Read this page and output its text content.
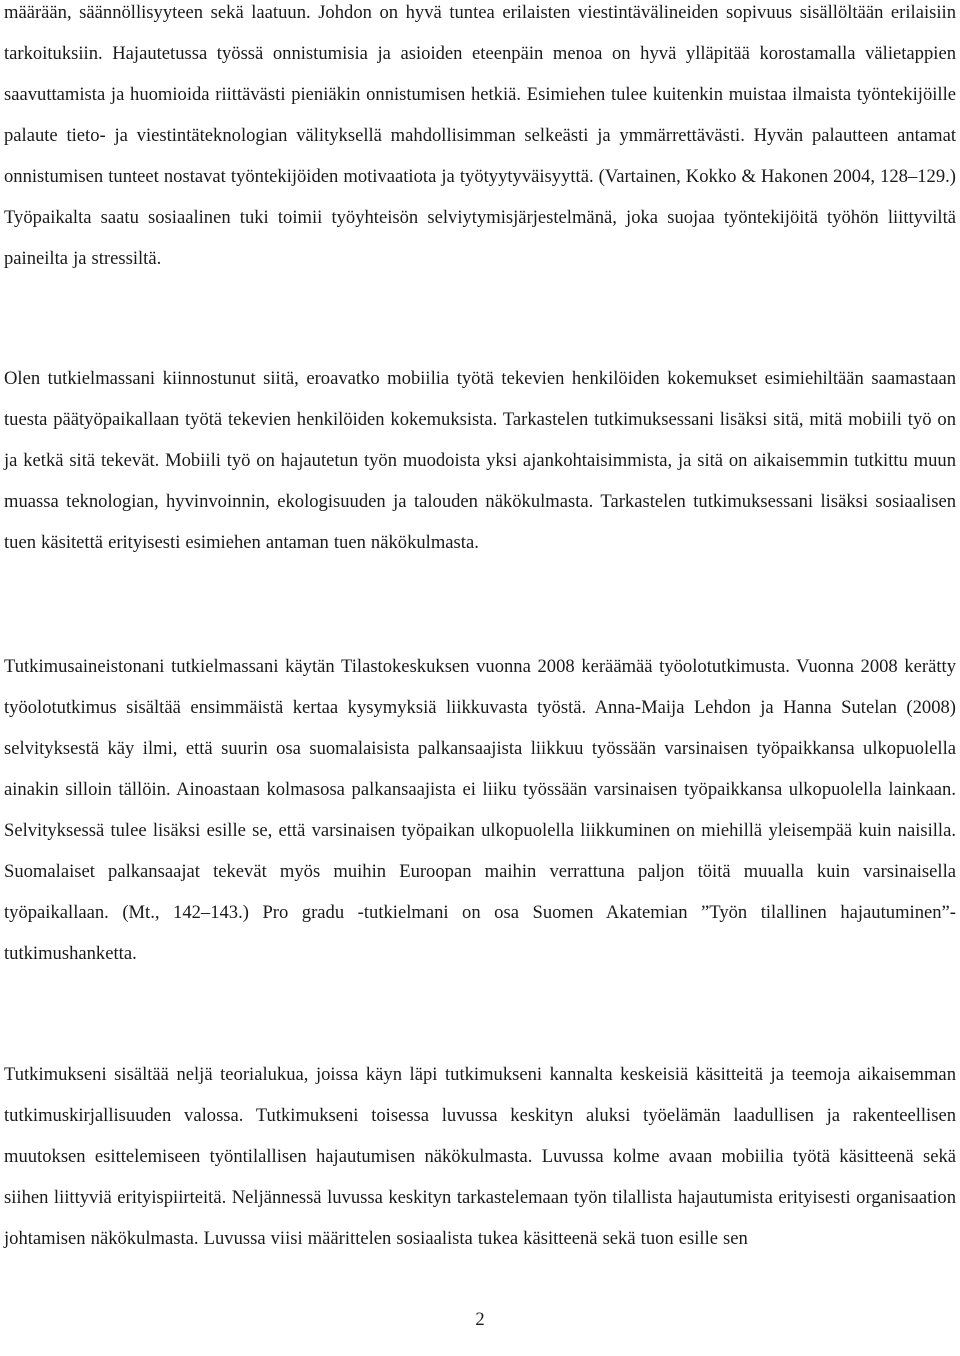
määrään, säännöllisyyteen sekä laatuun. Johdon on hyvä tuntea erilaisten viestintävälineiden sopivuus sisällöltään erilaisiin tarkoituksiin. Hajautetussa työssä onnistumisia ja asioiden eteenpäin menoa on hyvä ylläpitää korostamalla välietappien saavuttamista ja huomioida riittävästi pieniäkin onnistumisen hetkiä. Esimiehen tulee kuitenkin muistaa ilmaista työntekijöille palaute tieto- ja viestintäteknologian välityksellä mahdollisimman selkeästi ja ymmärrettävästi. Hyvän palautteen antamat onnistumisen tunteet nostavat työntekijöiden motivaatiota ja työtyytyväisyyttä. (Vartainen, Kokko & Hakonen 2004, 128–129.) Työpaikalta saatu sosiaalinen tuki toimii työyhteisön selviytymisjärjestelmänä, joka suojaa työntekijöitä työhön liittyviltä paineilta ja stressiltä.

Olen tutkielmassani kiinnostunut siitä, eroavatko mobiilia työtä tekevien henkilöiden kokemukset esimiehiltään saamastaan tuesta päätyöpaikallaan työtä tekevien henkilöiden kokemuksista. Tarkastelen tutkimuksessani lisäksi sitä, mitä mobiili työ on ja ketkä sitä tekevät. Mobiili työ on hajautetun työn muodoista yksi ajankohtaisimmista, ja sitä on aikaisemmin tutkittu muun muassa teknologian, hyvinvoinnin, ekologisuuden ja talouden näkökulmasta. Tarkastelen tutkimuksessani lisäksi sosiaalisen tuen käsitettä erityisesti esimiehen antaman tuen näkökulmasta.

Tutkimusaineistonani tutkielmassani käytän Tilastokeskuksen vuonna 2008 keräämää työolotutkimusta. Vuonna 2008 kerätty työolotutkimus sisältää ensimmäistä kertaa kysymyksiä liikkuvasta työstä. Anna-Maija Lehdon ja Hanna Sutelan (2008) selvityksestä käy ilmi, että suurin osa suomalaisista palkansaajista liikkuu työssään varsinaisen työpaikkansa ulkopuolella ainakin silloin tällöin. Ainoastaan kolmasosa palkansaajista ei liiku työssään varsinaisen työpaikkansa ulkopuolella lainkaan. Selvityksessä tulee lisäksi esille se, että varsinaisen työpaikan ulkopuolella liikkuminen on miehillä yleisempää kuin naisilla. Suomalaiset palkansaajat tekevät myös muihin Euroopan maihin verrattuna paljon töitä muualla kuin varsinaisella työpaikallaan. (Mt., 142–143.) Pro gradu -tutkielmani on osa Suomen Akatemian ”Työn tilallinen hajautuminen”-tutkimushanketta.

Tutkimukseni sisältää neljä teorialukua, joissa käyn läpi tutkimukseni kannalta keskeisiä käsitteitä ja teemoja aikaisemman tutkimuskirjallisuuden valossa. Tutkimukseni toisessa luvussa keskityn aluksi työelämän laadullisen ja rakenteellisen muutoksen esittelemiseen työntilallisen hajautumisen näkökulmasta. Luvussa kolme avaan mobiilia työtä käsitteenä sekä siihen liittyviä erityispiirteitä. Neljännessä luvussa keskityn tarkastelemaan työn tilallista hajautumista erityisesti organisaation johtamisen näkökulmasta. Luvussa viisi määrittelen sosiaalista tukea käsitteenä sekä tuon esille sen

2
